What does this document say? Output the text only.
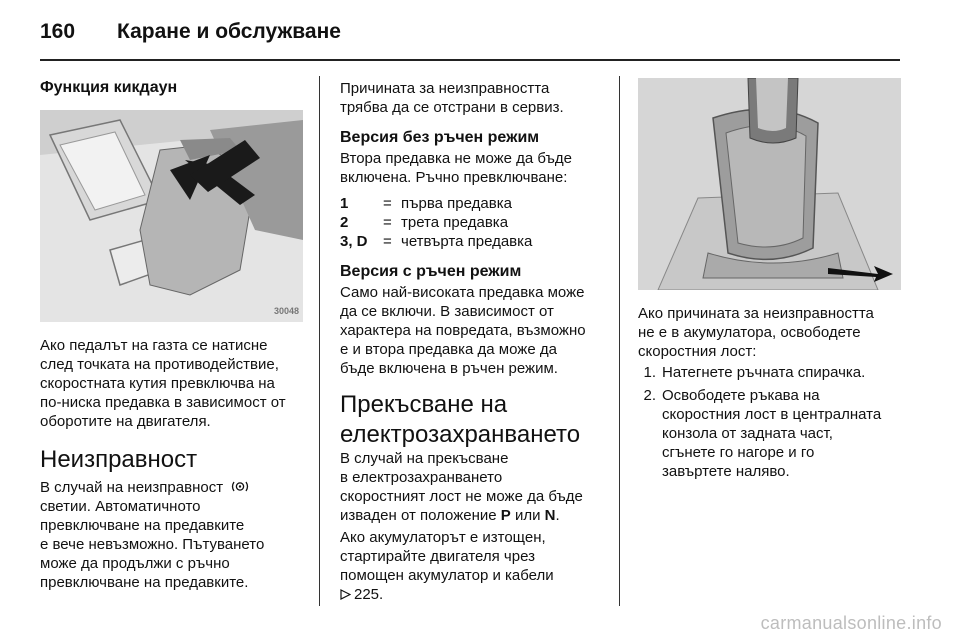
160 Каране и обслужване
Функция кикдаун
30048
Ако педалът на газта се натисне
след точката на противодействие,
скоростната кутия превключва на
по-ниска предавка в зависимост от
оборотите на двигателя.
Неизправност
В случай на неизправност
светии. Автоматичното
превключване на предавките
е вече невъзможно. Пътуването
може да продължи с ръчно
превключване на предавките.
Причината за неизправността
трябва да се отстрани в сервиз.
Версия без ръчен режим
Втора предавка не може да бъде
включена. Ръчно превключване:
1	= първа предавка
2	= трета предавка
3, D	= четвърта предавка
Версия с ръчен режим
Само най-високата предавка може
да се включи. В зависимост от
характера на повредата, възможно
е и втора предавка да може да
бъде включена в ръчен режим.
Прекъсване на
електрозахранването
В случай на прекъсване
в електрозахранването
скоростният лост не може да бъде
изваден от положение P или N.
Ако акумулаторът е изтощен,
стартирайте двигателя чрез
помощен акумулатор и кабели
225.
Ако причината за неизправността
не е в акумулатора, освободете
скоростния лост:
1. Натегнете ръчната спирачка.
2. Освободете ръкава на
скоростния лост в централната
конзола от задната част,
сгънете го нагоре и го
завъртете наляво.
carmanualsonline.info
